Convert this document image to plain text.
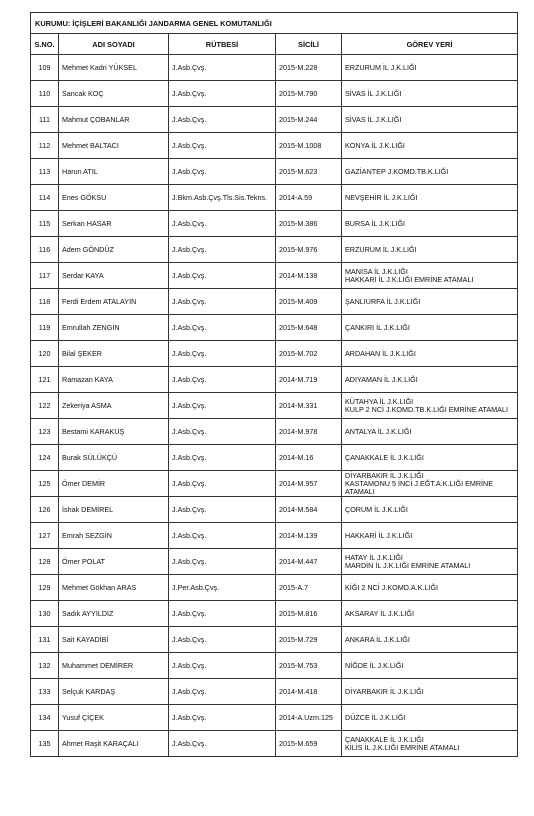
KURUMU: İÇİŞLERİ BAKANLIĞI JANDARMA GENEL KOMUTANLIĞI				
S.NO.	ADI SOYADI	RÜTBESİ	SİCİLİ	GÖREV YERİ
109	Mehmet Kadri YÜKSEL	J.Asb.Çvş.	2015-M.228	ERZURUM İL J.K.LIĞI

110	Sancak KOÇ	J.Asb.Çvş.	2015-M.790	SİVAS İL J.K.LIĞI

111	Mahmut ÇOBANLAR	J.Asb.Çvş.	2015-M.244	SİVAS İL J.K.LIĞI

112	Mehmet BALTACI	J.Asb.Çvş.	2015-M.1008	KONYA İL J.K.LIĞI

113	Harun ATIL	J.Asb.Çvş.	2015-M.623	GAZİANTEP J.KOMD.TB.K.LIĞI

114	Enes GÖKSU	J.Bkm.Asb.Çvş.Tls.Sis.Tekns.	2014-A.59	NEVŞEHİR İL J.K.LIĞI

115	Serkan HASAR	J.Asb.Çvş.	2015-M.386	BURSA İL J.K.LIĞI

116	Adem GÖNDÜZ	J.Asb.Çvş.	2015-M.976	ERZURUM İL J.K.LIĞI

117	Serdar KAYA	J.Asb.Çvş.	2014-M.138	MANİSA İL J.K.LIĞI
HAKKARİ İL J.K.LIĞI EMRİNE ATAMALI

118	Ferdi Erdem ATALAYIN	J.Asb.Çvş.	2015-M.409	ŞANLIURFA İL J.K.LIĞI

119	Emrullah ZENGİN	J.Asb.Çvş.	2015-M.648	ÇANKIRI İL J.K.LIĞI

120	Bilal ŞEKER	J.Asb.Çvş.	2015-M.702	ARDAHAN İL J.K.LIĞI

121	Ramazan KAYA	J.Asb.Çvş.	2014-M.719	ADIYAMAN İL J.K.LIĞI

122	Zekeriya ASMA	J.Asb.Çvş.	2014-M.331	KÜTAHYA İL J.K.LIĞI
KULP 2 NCİ J.KOMD.TB.K.LIĞI EMRİNE ATAMALI

123	Bestami KARAKUŞ	J.Asb.Çvş.	2014-M.978	ANTALYA İL J.K.LIĞI

124	Burak SÜLÜKÇÜ	J.Asb.Çvş.	2014-M.16	ÇANAKKALE İL J.K.LIĞI

125	Ömer DEMİR	J.Asb.Çvş.	2014-M.957	DİYARBAKIR İL J.K.LIĞI
KASTAMONU 5 İNCİ J.EĞT.A.K.LIĞI EMRİNE
ATAMALI

126	İshak DEMİREL	J.Asb.Çvş.	2014-M.584	ÇORUM İL J.K.LIĞI

127	Emrah SEZGİN	J.Asb.Çvş.	2014-M.139	HAKKARİ İL J.K.LIĞI

128	Ömer POLAT	J.Asb.Çvş.	2014-M.447	HATAY İL J.K.LIĞI
MARDİN İL J.K.LIĞI EMRİNE ATAMALI

129	Mehmet Gökhan ARAS	J.Per.Asb.Çvş.	2015-A.7	KİĞI 2 NCİ J.KOMD.A.K.LIĞI

130	Sadık AYYILDIZ	J.Asb.Çvş.	2015-M.816	AKSARAY İL J.K.LIĞI

131	Sait KAYADİBİ	J.Asb.Çvş.	2015-M.729	ANKARA İL J.K.LIĞI

132	Muhammet DEMİRER	J.Asb.Çvş.	2015-M.753	NİĞDE İL J.K.LIĞI

133	Selçuk KARDAŞ	J.Asb.Çvş.	2014-M.418	DİYARBAKIR İL J.K.LIĞI

134	Yusuf ÇİÇEK	J.Asb.Çvş.	2014-A.Uzm.125	DÜZCE İL J.K.LIĞI

135	Ahmet Raşit KARAÇALI	J.Asb.Çvş.	2015-M.659	ÇANAKKALE İL J.K.LIĞI
KİLİS İL J.K.LIĞI EMRİNE ATAMALI
